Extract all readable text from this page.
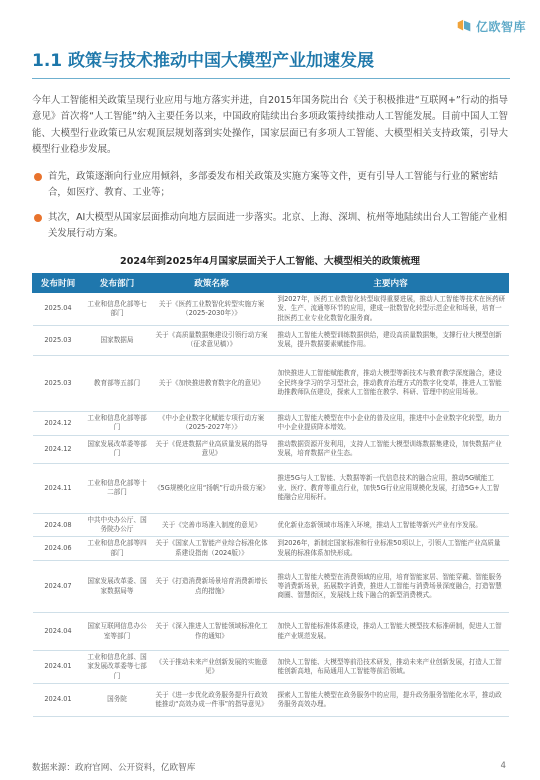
亿欧智库
1.1 政策与技术推动中国大模型产业加速发展

今年人工智能相关政策呈现行业应用与地方落实并进，自2015年国务院出台《关于积极推进“互联网+”行动的指导意见》首次将“人工智能”纳入主要任务以来，中国政府陆续出台多项政策持续推动人工智能发展。目前中国人工智能、大模型行业政策已从宏观顶层规划落到实处操作，国家层面已有多项人工智能、大模型相关支持政策，引导大模型行业稳步发展。

首先，政策逐渐向行业应用倾斜，多部委发布相关政策及实施方案等文件，更有引导人工智能与行业的紧密结合，如医疗、教育、工业等；
其次，AI大模型从国家层面推动向地方层面进一步落实。北京、上海、深圳、杭州等地陆续出台人工智能产业相关发展行动方案。
2024年到2025年4月国家层面关于人工智能、大模型相关的政策梳理
发布时间	发布部门	政策名称	主要内容
2025.04	工业和信息化部等七部门	关于《医药工业数智化转型实施方案（2025-2030年）》	到2027年，医药工业数智化转型取得重要进展，推动人工智能等技术在医药研发、生产、流通等环节的应用，建成一批数智化转型示范企业和场景，培育一批医药工业专业化数智化服务商。
2025.03	国家数据局	关于《高质量数据集建设引领行动方案（征求意见稿）》	推动人工智能大模型训练数据供给，建设高质量数据集，支撑行业大模型创新发展，提升数据要素赋能作用。
2025.03	教育部等五部门	关于《加快推进教育数字化的意见》	加快推进人工智能赋能教育，推动大模型等新技术与教育教学深度融合，建设全民终身学习的学习型社会，推动教育治理方式的数字化变革，推进人工智能助推教师队伍建设，探索人工智能在教学、科研、管理中的应用场景。
2024.12	工业和信息化部等部门	《中小企业数字化赋能专项行动方案（2025-2027年）》	推动人工智能大模型在中小企业的普及应用，推进中小企业数字化转型，助力中小企业提质降本增效。
2024.12	国家发展改革委等部门	关于《促进数据产业高质量发展的指导意见》	推动数据资源开发利用，支持人工智能大模型训练数据集建设，加快数据产业发展，培育数据产业生态。
2024.11	工业和信息化部等十二部门	《5G规模化应用“扬帆”行动升级方案》	推进5G与人工智能、大数据等新一代信息技术的融合应用，推动5G赋能工业、医疗、教育等重点行业，加快5G行业应用规模化发展，打造5G+人工智能融合应用标杆。
2024.08	中共中央办公厅、国务院办公厅	关于《完善市场准入制度的意见》	优化新业态新领域市场准入环境，推动人工智能等新兴产业有序发展。
2024.06	工业和信息化部等四部门	关于《国家人工智能产业综合标准化体系建设指南（2024版）》	到2026年，新制定国家标准和行业标准50项以上，引领人工智能产业高质量发展的标准体系加快形成。
2024.07	国家发展改革委、国家数据局等	关于《打造消费新场景培育消费新增长点的措施》	推动人工智能大模型在消费领域的应用，培育智能家居、智能穿戴、智能服务等消费新场景，拓展数字消费，推进人工智能与消费场景深度融合，打造智慧商圈、智慧街区，发展线上线下融合的新型消费模式。
2024.04	国家互联网信息办公室等部门	关于《深入推进人工智能领域标准化工作的通知》	加快人工智能标准体系建设，推动人工智能大模型技术标准研制，促进人工智能产业规范发展。
2024.01	工业和信息化部、国家发展改革委等七部门	《关于推动未来产业创新发展的实施意见》	加快人工智能、大模型等前沿技术研发，推动未来产业创新发展，打造人工智能创新高地，布局通用人工智能等前沿领域。
2024.01	国务院	关于《进一步优化政务服务提升行政效能推动“高效办成一件事”的指导意见》	探索人工智能大模型在政务服务中的应用，提升政务服务智能化水平，推动政务服务高效办理。
数据来源：政府官网、公开资料，亿欧智库	4
